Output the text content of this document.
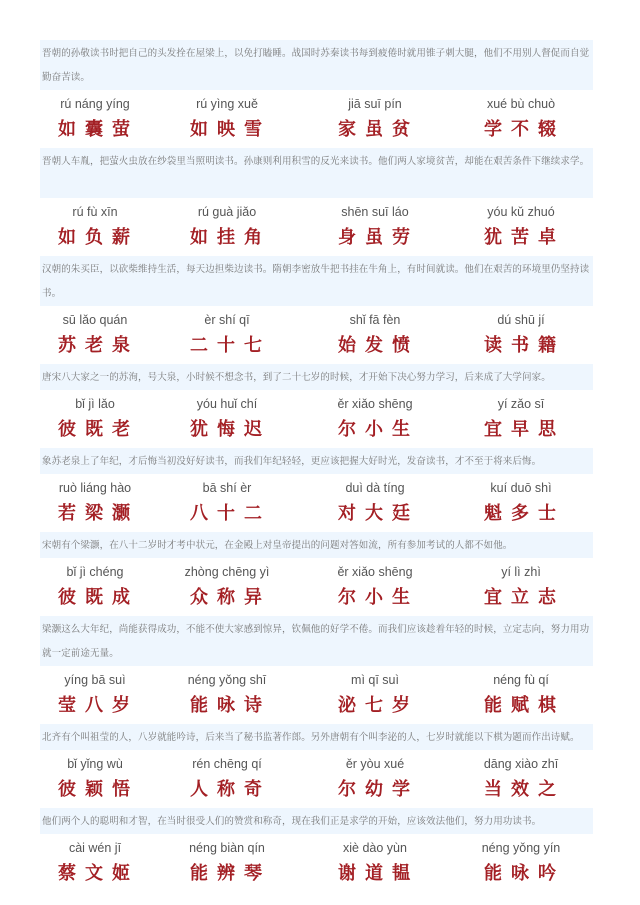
晋朝的孙敬读书时把自己的头发拴在屋梁上，以免打瞌睡。战国时苏秦读书每到疲倦时就用锥子刺大腿，他们不用别人督促而自觉勤奋苦读。
rú náng yíng
如囊萤
rú yìng xuě
如映雪
jiā suī pín
家虽贫
xué bù chuò
学不辍
晋朝人车胤，把萤火虫放在纱袋里当照明读书。孙康则利用积雪的反光来读书。他们两人家境贫苦，却能在艰苦条件下继续求学。
rú fù xīn
如负薪
rú guà jiǎo
如挂角
shēn suī láo
身虽劳
yóu kǔ zhuó
犹苦卓
汉朝的朱买臣，以砍柴维持生活，每天边担柴边读书。隋朝李密放牛把书挂在牛角上，有时间就读。他们在艰苦的环境里仍坚持读书。
sū lǎo quán
苏老泉
èr shí qī
二十七
shǐ fā fèn
始发愤
dú shū jí
读书籍
唐宋八大家之一的苏洵，号大泉，小时候不想念书，到了二十七岁的时候，才开始下决心努力学习，后来成了大学问家。
bǐ jì lǎo
彼既老
yóu huǐ chí
犹悔迟
ěr xiǎo shēng
尔小生
yí zǎo sī
宜早思
象苏老泉上了年纪，才后悔当初没好好读书，而我们年纪轻轻，更应该把握大好时光，发奋读书，才不至于将来后悔。
ruò liáng hào
若梁灏
bā shí èr
八十二
duì dà tíng
对大廷
kuí duō shì
魁多士
宋朝有个梁灏，在八十二岁时才考中状元，在金殿上对皇帝提出的问题对答如流，所有参加考试的人都不如他。
bǐ jì chéng
彼既成
zhòng chēng yì
众称异
ěr xiǎo shēng
尔小生
yí lì zhì
宜立志
梁灏这么大年纪，尚能获得成功，不能不使大家感到惊异，钦佩他的好学不倦。而我们应该趁着年轻的时候，立定志向，努力用功就一定前途无量。
yíng bā suì
莹八岁
néng yǒng shī
能咏诗
mì qī suì
泌七岁
néng fù qí
能赋棋
北齐有个叫祖莹的人，八岁就能吟诗，后来当了秘书监著作郎。另外唐朝有个叫李泌的人，七岁时就能以下棋为题而作出诗赋。
bǐ yǐng wù
彼颖悟
rén chēng qí
人称奇
ěr yòu xué
尔幼学
dāng xiào zhī
当效之
他们两个人的聪明和才智，在当时很受人们的赞赏和称奇，现在我们正是求学的开始，应该效法他们，努力用功读书。
cài wén jī
蔡文姬
néng biàn qín
能辨琴
xiè dào yùn
谢道韫
néng yǒng yín
能咏吟
